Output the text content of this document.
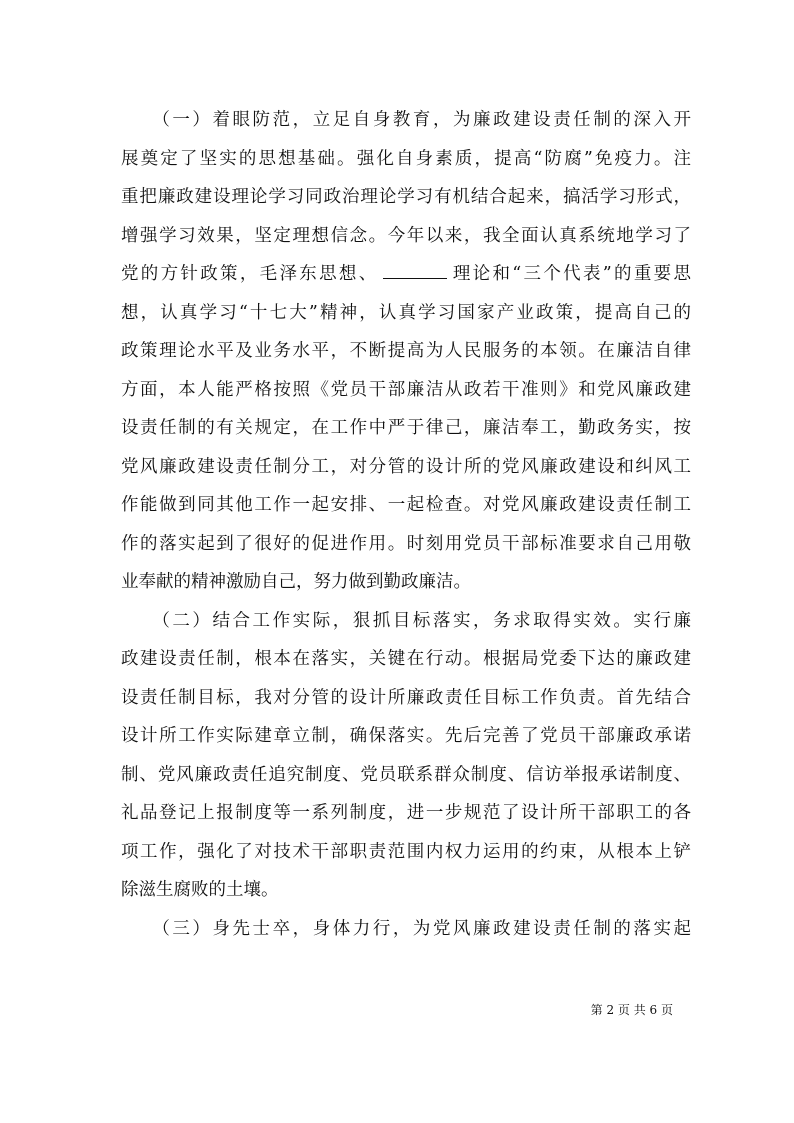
　　（一）着眼防范，立足自身教育，为廉政建设责任制的深入开
展奠定了坚实的思想基础。强化自身素质，提高“防腐”免疫力。注
重把廉政建设理论学习同政治理论学习有机结合起来，搞活学习形式，
增强学习效果，坚定理想信念。今年以来，我全面认真系统地学习了
党的方针政策，毛泽东思想、	理论和“三个代表”的重要思
想，认真学习“十七大”精神，认真学习国家产业政策，提高自己的
政策理论水平及业务水平，不断提高为人民服务的本领。在廉洁自律
方面，本人能严格按照《党员干部廉洁从政若干准则》和党风廉政建
设责任制的有关规定，在工作中严于律己，廉洁奉工，勤政务实，按
党风廉政建设责任制分工，对分管的设计所的党风廉政建设和纠风工
作能做到同其他工作一起安排、一起检查。对党风廉政建设责任制工
作的落实起到了很好的促进作用。时刻用党员干部标准要求自己用敬
业奉献的精神激励自己，努力做到勤政廉洁。
　　（二）结合工作实际，狠抓目标落实，务求取得实效。实行廉
政建设责任制，根本在落实，关键在行动。根据局党委下达的廉政建
设责任制目标，我对分管的设计所廉政责任目标工作负责。首先结合
设计所工作实际建章立制，确保落实。先后完善了党员干部廉政承诺
制、党风廉政责任追究制度、党员联系群众制度、信访举报承诺制度、
礼品登记上报制度等一系列制度，进一步规范了设计所干部职工的各
项工作，强化了对技术干部职责范围内权力运用的约束，从根本上铲
除滋生腐败的土壤。
　　（三）身先士卒，身体力行，为党风廉政建设责任制的落实起
第 2 页 共 6 页
